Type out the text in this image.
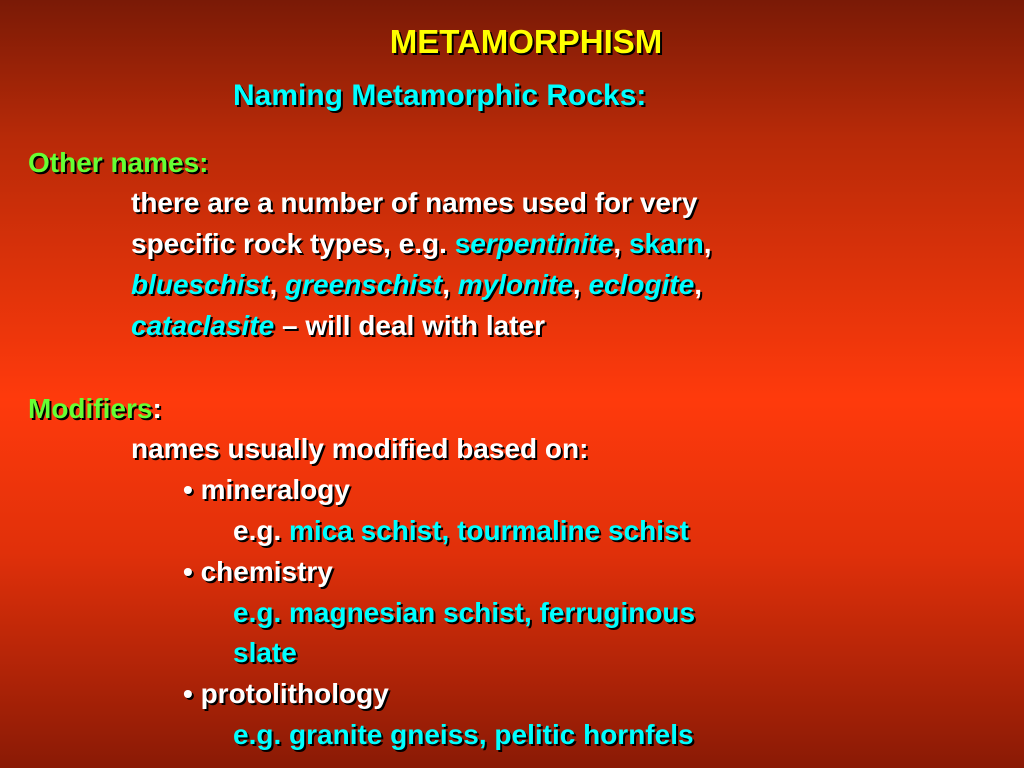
METAMORPHISM
Naming Metamorphic Rocks:
Other names:
there are a number of names used for very
specific rock types, e.g. serpentinite, skarn,
blueschist, greenschist, mylonite, eclogite,
cataclasite – will deal with later
Modifiers:
names usually modified based on:
• mineralogy
e.g. mica schist, tourmaline schist
• chemistry
e.g. magnesian schist, ferruginous
slate
• protolithology
e.g. granite gneiss, pelitic hornfels
